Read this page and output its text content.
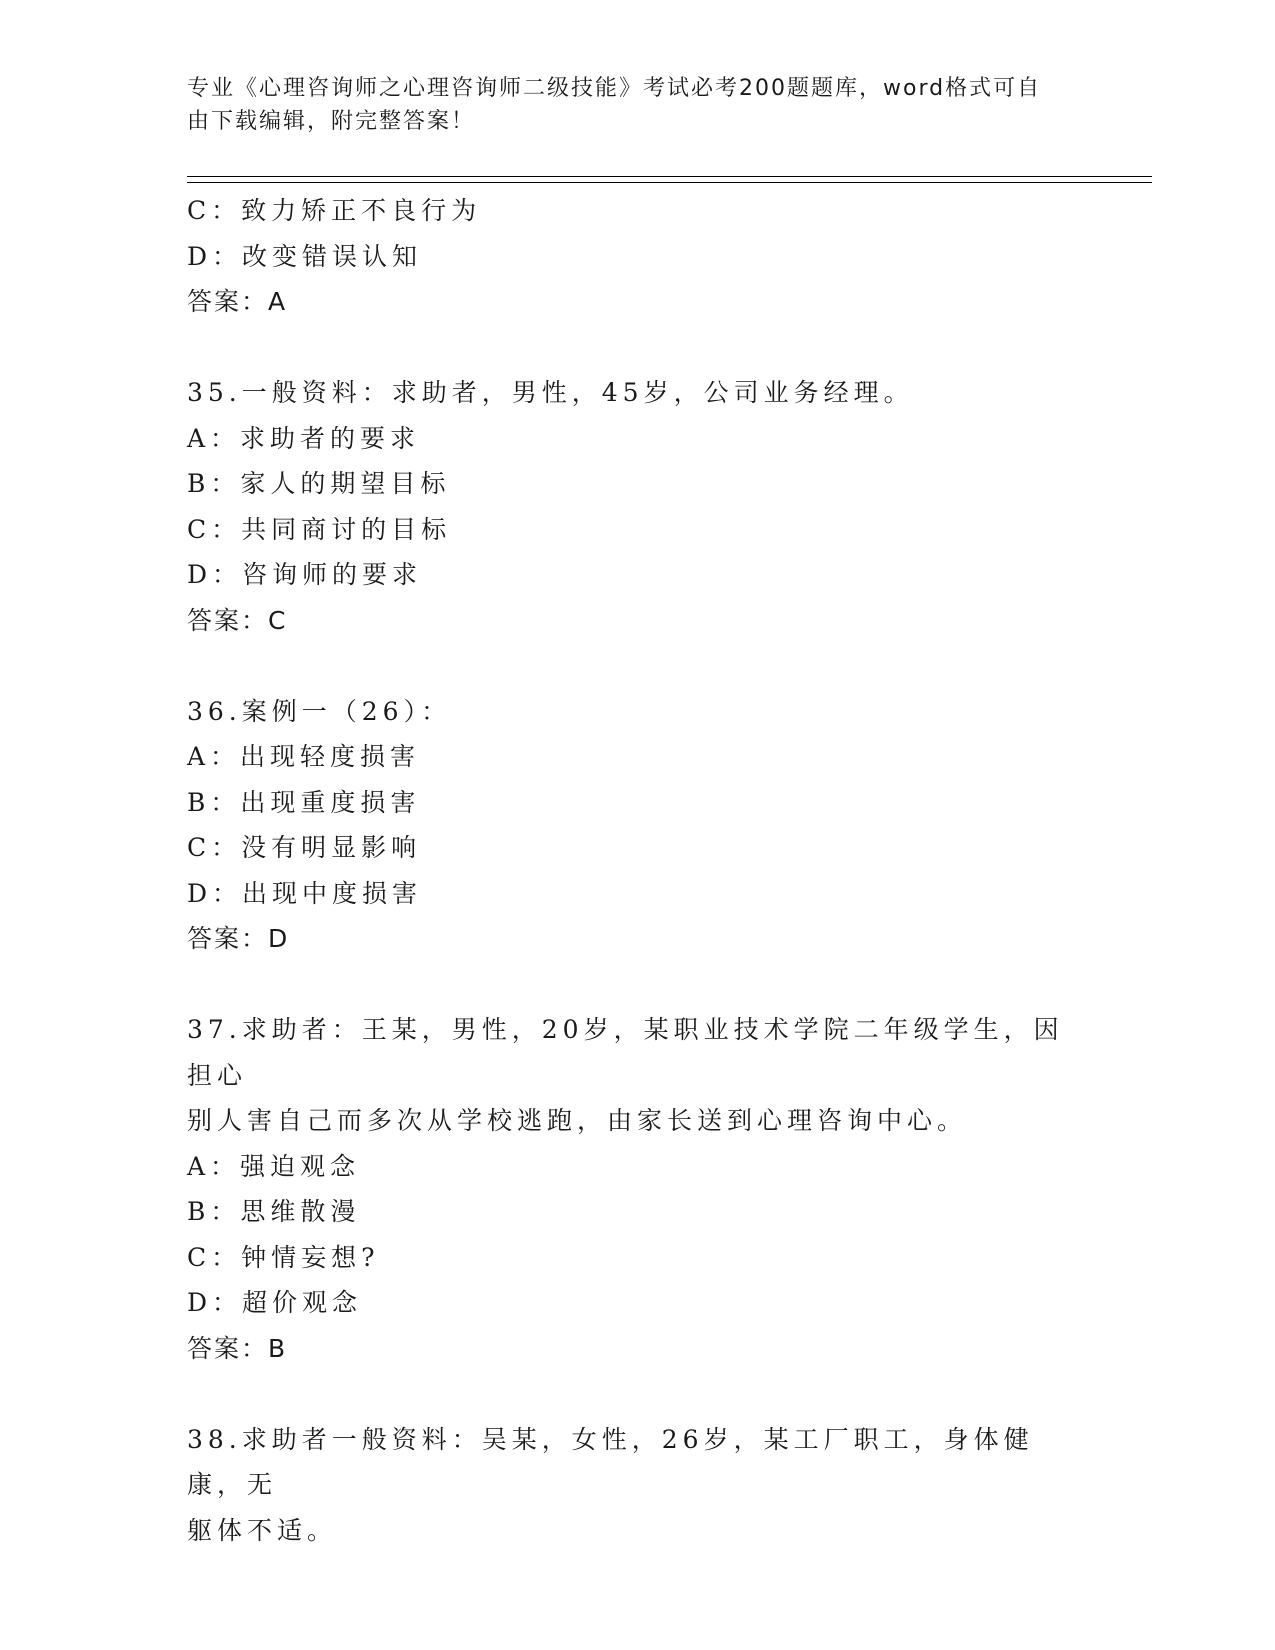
专业《心理咨询师之心理咨询师二级技能》考试必考200题题库，word格式可自
由下载编辑，附完整答案！
C：致力矫正不良行为
D：改变错误认知
答案：A
35.一般资料：求助者，男性，45岁，公司业务经理。
A：求助者的要求
B：家人的期望目标
C：共同商讨的目标
D：咨询师的要求
答案：C
36.案例一（26）：
A：出现轻度损害
B：出现重度损害
C：没有明显影响
D：出现中度损害
答案：D
37.求助者：王某，男性，20岁，某职业技术学院二年级学生，因担心
别人害自己而多次从学校逃跑，由家长送到心理咨询中心。
A：强迫观念
B：思维散漫
C：钟情妄想?
D：超价观念
答案：B
38.求助者一般资料：吴某，女性，26岁，某工厂职工，身体健康，无
躯体不适。
